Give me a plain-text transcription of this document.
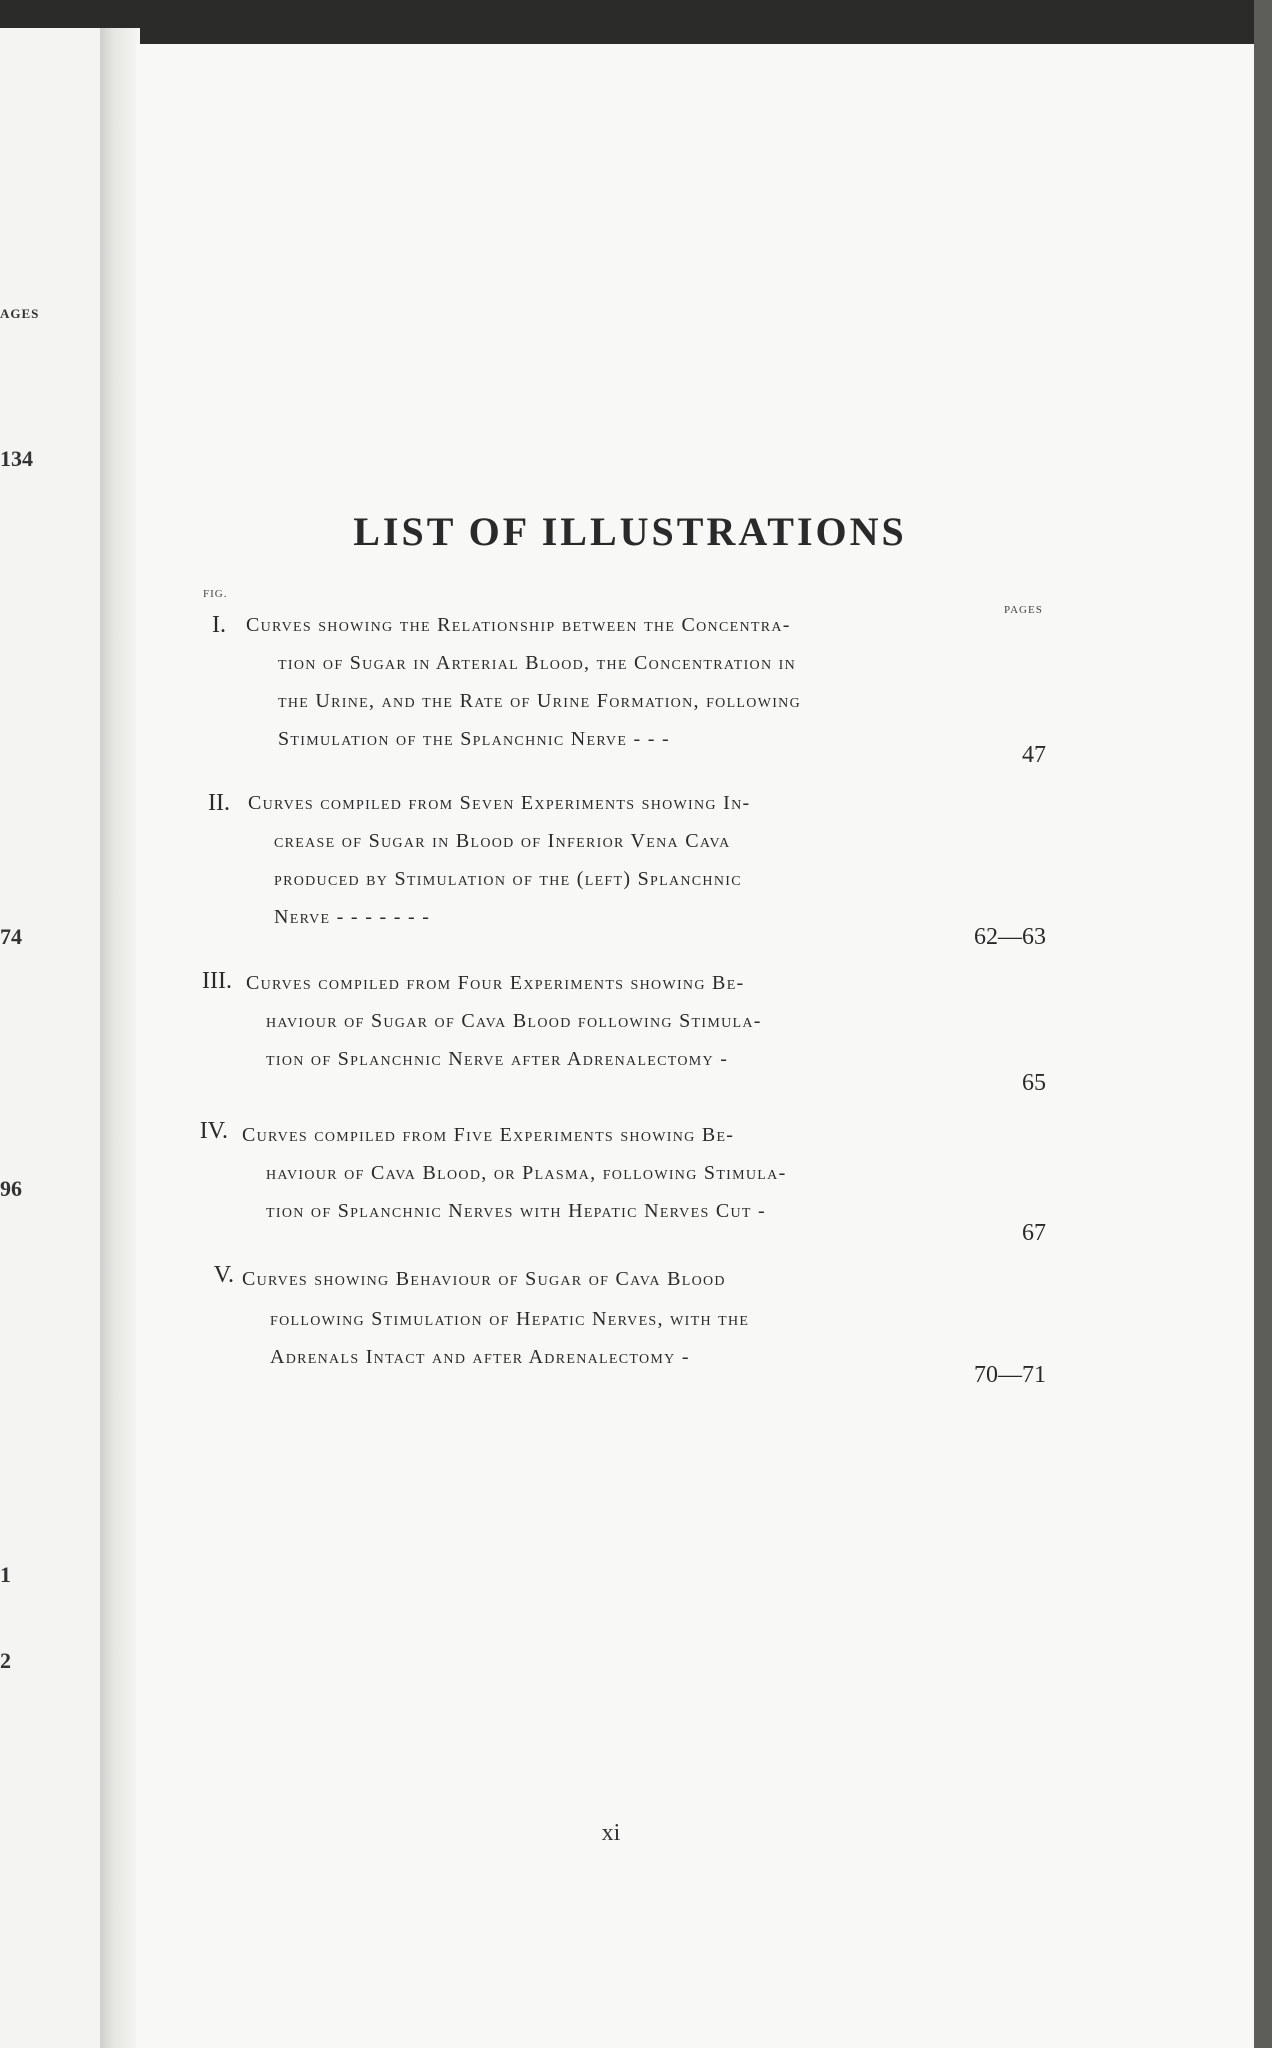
AGES
134
74
96
1
2
LIST OF ILLUSTRATIONS
FIG.
PAGES
I. Curves showing the Relationship between the Concentra-
tion of Sugar in Arterial Blood, the Concentration in
the Urine, and the Rate of Urine Formation, following
Stimulation of the Splanchnic Nerve - - -
47
II. Curves compiled from Seven Experiments showing In-
crease of Sugar in Blood of Inferior Vena Cava
produced by Stimulation of the (left) Splanchnic
Nerve - - - - - - -
62—63
III. Curves compiled from Four Experiments showing Be-
haviour of Sugar of Cava Blood following Stimula-
tion of Splanchnic Nerve after Adrenalectomy -
65
IV. Curves compiled from Five Experiments showing Be-
haviour of Cava Blood, or Plasma, following Stimula-
tion of Splanchnic Nerves with Hepatic Nerves Cut -
67
V. Curves showing Behaviour of Sugar of Cava Blood
following Stimulation of Hepatic Nerves, with the
Adrenals Intact and after Adrenalectomy -
70—71
xi
